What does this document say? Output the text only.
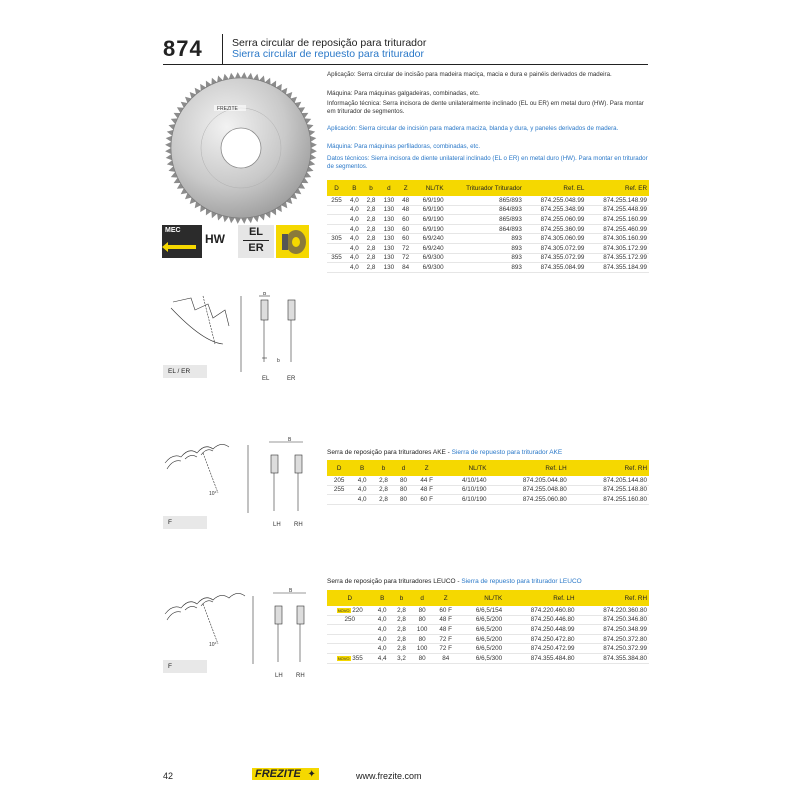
874	Serra circular de reposição para triturador
Sierra circular de repuesto para triturador
FREZITE
MEC
HW	EL
ER
Aplicação: Serra circular de incisão para madeira maciça, macia e dura e painéis derivados de madeira.
Máquina: Para máquinas galgadeiras, combinadas, etc.
Informação técnica: Serra incisora de dente unilateralmente inclinado (EL ou ER) em metal duro (HW). Para montar em triturador de segmentos.
Aplicación: Sierra circular de incisión para madera maciza, blanda y dura, y paneles derivados de madera.
Máquina: Para máquinas perfiladoras, combinadas, etc.
Datos técnicos: Sierra incisora de diente unilateral inclinado (EL o ER) en metal duro (HW). Para montar en triturador de segmentos.
D	B	b	d	Z	NL/TK	Triturador Triturador	Ref. EL	Ref. ER
255	4,0	2,8	130	48	6/9/190	865/893	874.255.048.99	874.255.148.99
	4,0	2,8	130	48	6/9/190	864/893	874.255.348.99	874.255.448.99
	4,0	2,8	130	60	6/9/190	865/893	874.255.060.99	874.255.160.99
	4,0	2,8	130	60	6/9/190	864/893	874.255.360.99	874.255.460.99
305	4,0	2,8	130	60	6/9/240	893	874.305.060.99	874.305.160.99
	4,0	2,8	130	72	6/9/240	893	874.305.072.99	874.305.172.99
355	4,0	2,8	130	72	6/9/300	893	874.355.072.99	874.355.172.99
	4,0	2,8	130	84	6/9/300	893	874.355.084.99	874.355.184.99
B
b
EL	ER
EL / ER
Serra de reposição para trituradores AKE - Sierra de repuesto para triturador AKE
D	B	b	d	Z	NL/TK	Ref. LH	Ref. RH
205	4,0	2,8	80	44 F	4/10/140	874.205.044.80	874.205.144.80
255	4,0	2,8	80	48 F	6/10/190	874.255.048.80	874.255.148.80
	4,0	2,8	80	60 F	6/10/190	874.255.060.80	874.255.160.80
B
10°
LH RH
F
Serra de reposição para trituradores LEUCO - Sierra de repuesto para triturador LEUCO
D	B	b	d	Z	NL/TK	Ref. LH	Ref. RH
NOVO 220	4,0	2,8	80	60 F	6/6,5/154	874.220.460.80	874.220.360.80
250	4,0	2,8	80	48 F	6/6,5/200	874.250.446.80	874.250.346.80
	4,0	2,8	100	48 F	6/6,5/200	874.250.448.99	874.250.348.99
	4,0	2,8	80	72 F	6/6,5/200	874.250.472.80	874.250.372.80
	4,0	2,8	100	72 F	6/6,5/200	874.250.472.99	874.250.372.99
NOVO 355	4,4	3,2	80	84	6/6,5/300	874.355.484.80	874.355.384.80
B
10°
LH RH
F
42	FREZITE ✦	www.frezite.com
